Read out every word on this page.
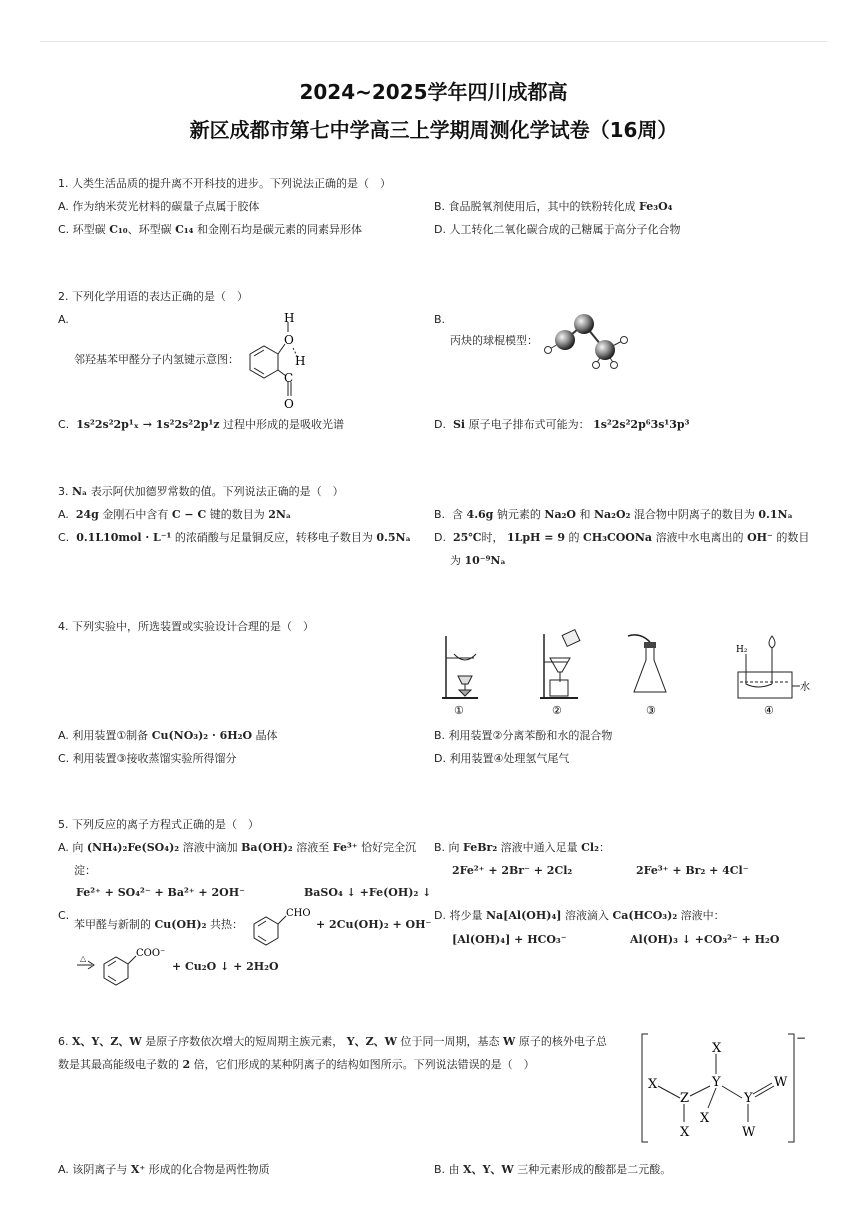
2024~2025学年四川成都高
新区成都市第七中学高三上学期周测化学试卷（16周）
1. 人类生活品质的提升离不开科技的进步。下列说法正确的是（　）
A. 作为纳米荧光材料的碳量子点属于胶体	B. 食品脱氧剂使用后，其中的铁粉转化成 Fe₃O₄
C. 环型碳 C₁₀、环型碳 C₁₄ 和金刚石均是碳元素的同素异形体	D. 人工转化二氧化碳合成的己糖属于高分子化合物
2. 下列化学用语的表达正确的是（　）
A.
邻羟基苯甲醛分子内氢键示意图：
H
O
H
C
O
B.
丙炔的球棍模型：
C. 1s²2s²2p¹ₓ → 1s²2s²2p¹z 过程中形成的是吸收光谱	D. Si 原子电子排布式可能为： 1s²2s²2p⁶3s¹3p³
3. Nₐ 表示阿伏加德罗常数的值。下列说法正确的是（　）
A. 24g 金刚石中含有 C − C 键的数目为 2Nₐ	B. 含 4.6g 钠元素的 Na₂O 和 Na₂O₂ 混合物中阴离子的数目为 0.1Nₐ
C. 0.1L10mol · L⁻¹ 的浓硝酸与足量铜反应，转移电子数目为 0.5Nₐ D. 25℃时， 1LpH = 9 的 CH₃COONa 溶液中水电离出的 OH⁻ 的数目
为 10⁻⁹Nₐ
4. 下列实验中，所选装置或实验设计合理的是（　）
H₂
水
①	②	③	④
A. 利用装置①制备 Cu(NO₃)₂ · 6H₂O 晶体	B. 利用装置②分离苯酚和水的混合物
C. 利用装置③接收蒸馏实验所得馏分	D. 利用装置④处理氢气尾气
5. 下列反应的离子方程式正确的是（　）
A. 向 (NH₄)₂Fe(SO₄)₂ 溶液中滴加 Ba(OH)₂ 溶液至 Fe³⁺ 恰好完全沉
淀：
Fe²⁺ + SO₄²⁻ + Ba²⁺ + 2OH⁻	BaSO₄ ↓ +Fe(OH)₂ ↓
B. 向 FeBr₂ 溶液中通入足量 Cl₂：
2Fe²⁺ + 2Br⁻ + 2Cl₂	2Fe³⁺ + Br₂ + 4Cl⁻
C.
苯甲醛与新制的 Cu(OH)₂ 共热：
CHO
+ 2Cu(OH)₂ + OH⁻
△	COO⁻
+ Cu₂O ↓ + 2H₂O
D. 将少量 Na[Al(OH)₄] 溶液滴入 Ca(HCO₃)₂ 溶液中：
[Al(OH)₄] + HCO₃⁻	Al(OH)₃ ↓ +CO₃²⁻ + H₂O
6. X、Y、Z、W 是原子序数依次增大的短周期主族元素， Y、Z、W 位于同一周期，基态 W 原子的核外电子总
数是其最高能级电子数的 2 倍，它们形成的某种阴离子的结构如图所示。下列说法错误的是（　）
X
X	Y
Z	Y
W
X
X	W
−
A. 该阴离子与 X⁺ 形成的化合物是两性物质	B. 由 X、Y、W 三种元素形成的酸都是二元酸。
